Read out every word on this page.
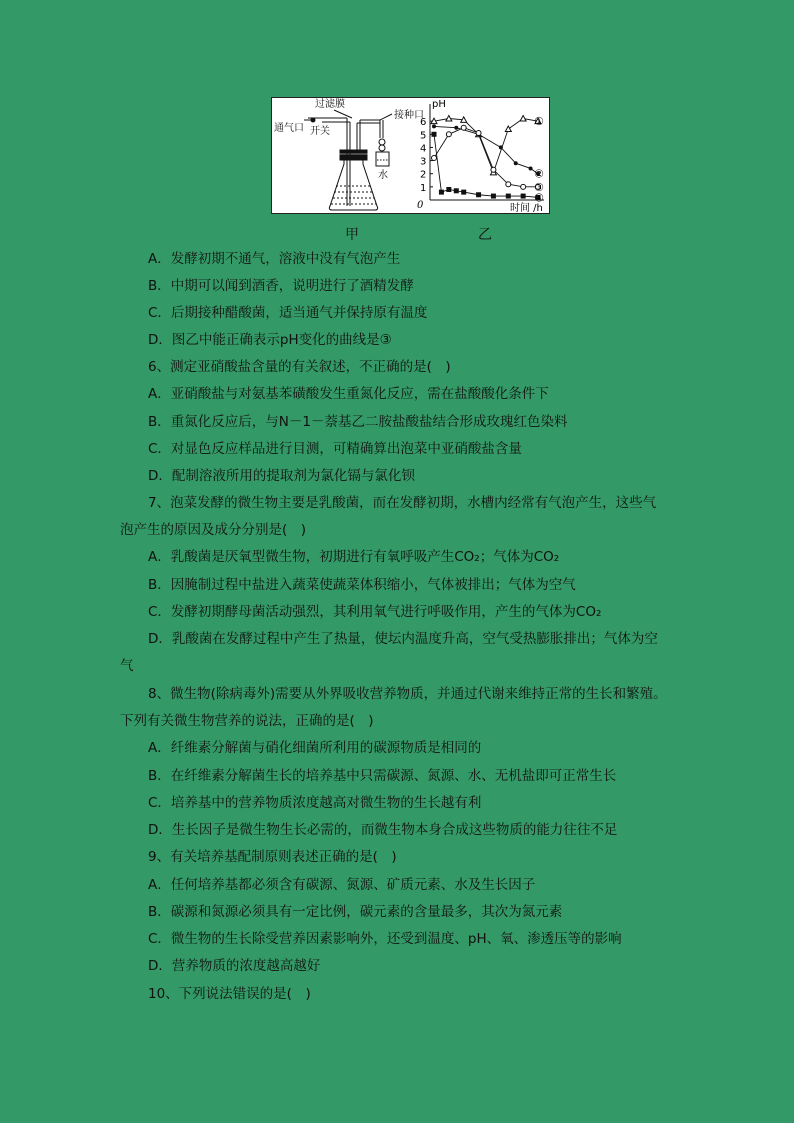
过滤膜
接种口
通气口 开关
水
pH
时间 /h
0
1
2
3
4
5
6	①
②
③
④
甲	乙
A．发酵初期不通气，溶液中没有气泡产生
B．中期可以闻到酒香，说明进行了酒精发酵
C．后期接种醋酸菌，适当通气并保持原有温度
D．图乙中能正确表示pH变化的曲线是③
6、测定亚硝酸盐含量的有关叙述，不正确的是(　)
A．亚硝酸盐与对氨基苯磺酸发生重氮化反应，需在盐酸酸化条件下
B．重氮化反应后，与N－1－萘基乙二胺盐酸盐结合形成玫瑰红色染料
C．对显色反应样品进行目测，可精确算出泡菜中亚硝酸盐含量
D．配制溶液所用的提取剂为氯化镉与氯化钡
7、泡菜发酵的微生物主要是乳酸菌，而在发酵初期，水槽内经常有气泡产生，这些气
泡产生的原因及成分分别是(　)
A．乳酸菌是厌氧型微生物，初期进行有氧呼吸产生CO₂；气体为CO₂
B．因腌制过程中盐进入蔬菜使蔬菜体积缩小，气体被排出；气体为空气
C．发酵初期酵母菌活动强烈，其利用氧气进行呼吸作用，产生的气体为CO₂
D．乳酸菌在发酵过程中产生了热量，使坛内温度升高，空气受热膨胀排出；气体为空
气
8、微生物(除病毒外)需要从外界吸收营养物质，并通过代谢来维持正常的生长和繁殖。
下列有关微生物营养的说法，正确的是(　)
A．纤维素分解菌与硝化细菌所利用的碳源物质是相同的
B．在纤维素分解菌生长的培养基中只需碳源、氮源、水、无机盐即可正常生长
C．培养基中的营养物质浓度越高对微生物的生长越有利
D．生长因子是微生物生长必需的，而微生物本身合成这些物质的能力往往不足
9、有关培养基配制原则表述正确的是(　)
A．任何培养基都必须含有碳源、氮源、矿质元素、水及生长因子
B．碳源和氮源必须具有一定比例，碳元素的含量最多，其次为氮元素
C．微生物的生长除受营养因素影响外，还受到温度、pH、氧、渗透压等的影响
D．营养物质的浓度越高越好
10、下列说法错误的是(　)
